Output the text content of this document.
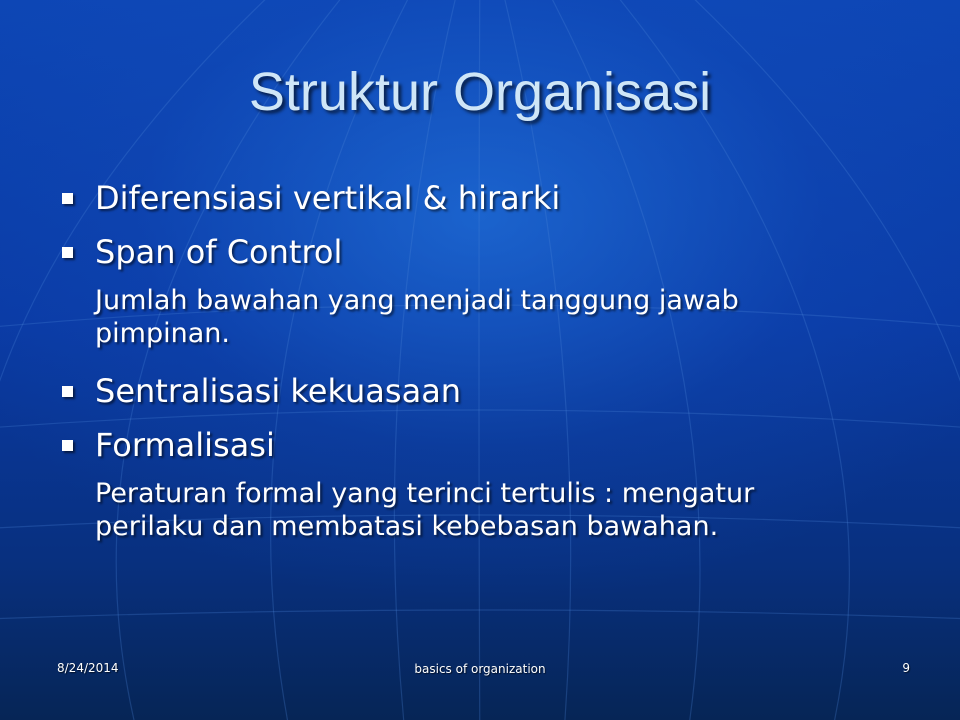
Struktur Organisasi
Diferensiasi vertikal & hirarki
Span of Control
Jumlah bawahan yang menjadi tanggung jawab
pimpinan.
Sentralisasi kekuasaan
Formalisasi
Peraturan formal yang terinci tertulis : mengatur
perilaku dan membatasi kebebasan bawahan.
8/24/2014	basics of organization	9
